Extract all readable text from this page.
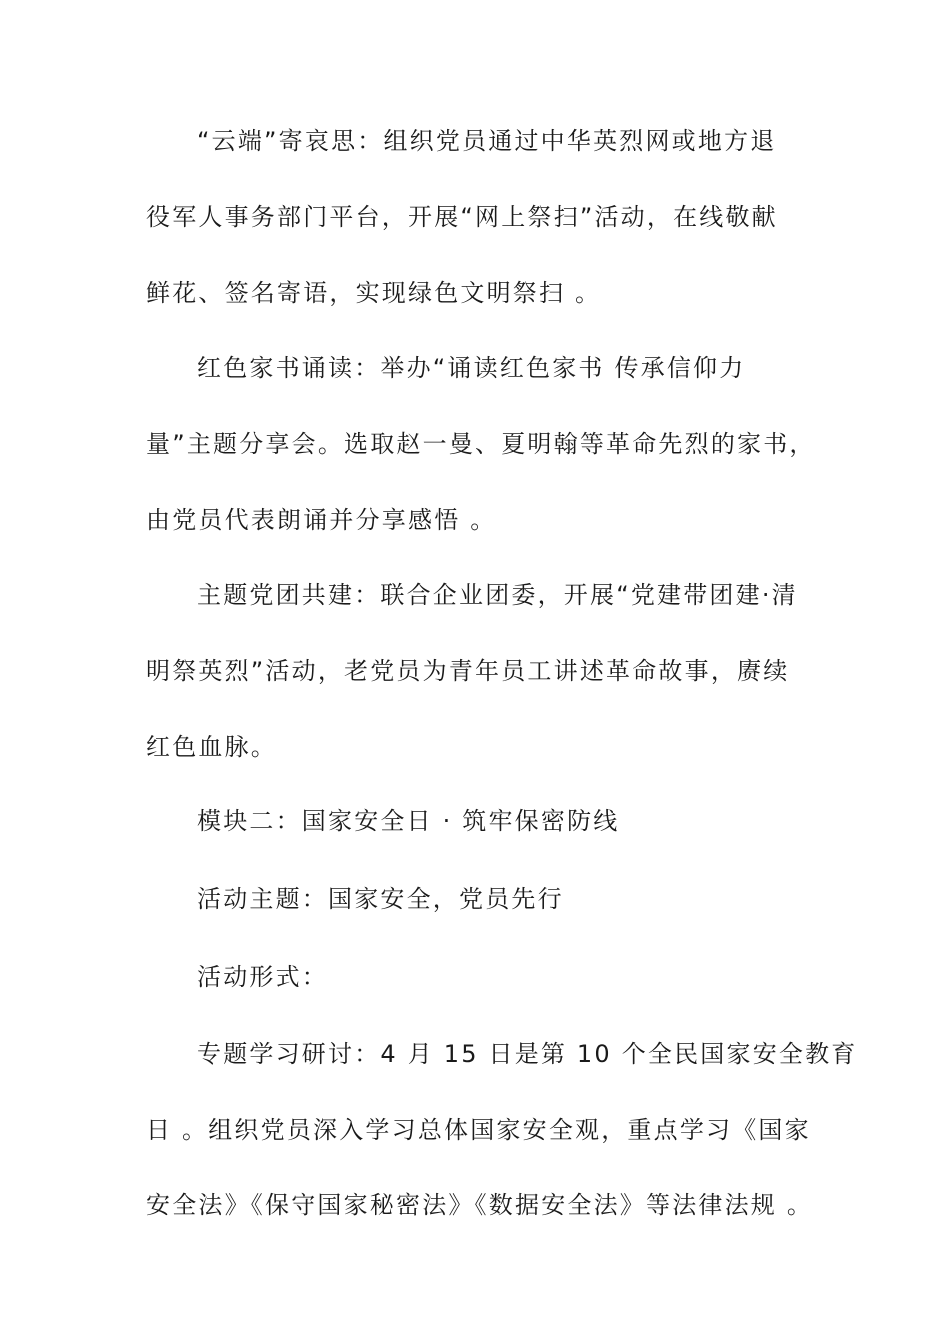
“云端”寄哀思：组织党员通过中华英烈网或地方退
役军人事务部门平台，开展“网上祭扫”活动，在线敬献
鲜花、签名寄语，实现绿色文明祭扫 。
红色家书诵读：举办“诵读红色家书 传承信仰力
量”主题分享会。选取赵一曼、夏明翰等革命先烈的家书，
由党员代表朗诵并分享感悟 。
主题党团共建：联合企业团委，开展“党建带团建·清
明祭英烈”活动，老党员为青年员工讲述革命故事，赓续
红色血脉。
模块二：国家安全日 · 筑牢保密防线
活动主题：国家安全，党员先行
活动形式：
专题学习研讨：4 月 15 日是第 10 个全民国家安全教育
日 。组织党员深入学习总体国家安全观，重点学习《国家
安全法》《保守国家秘密法》《数据安全法》等法律法规 。
